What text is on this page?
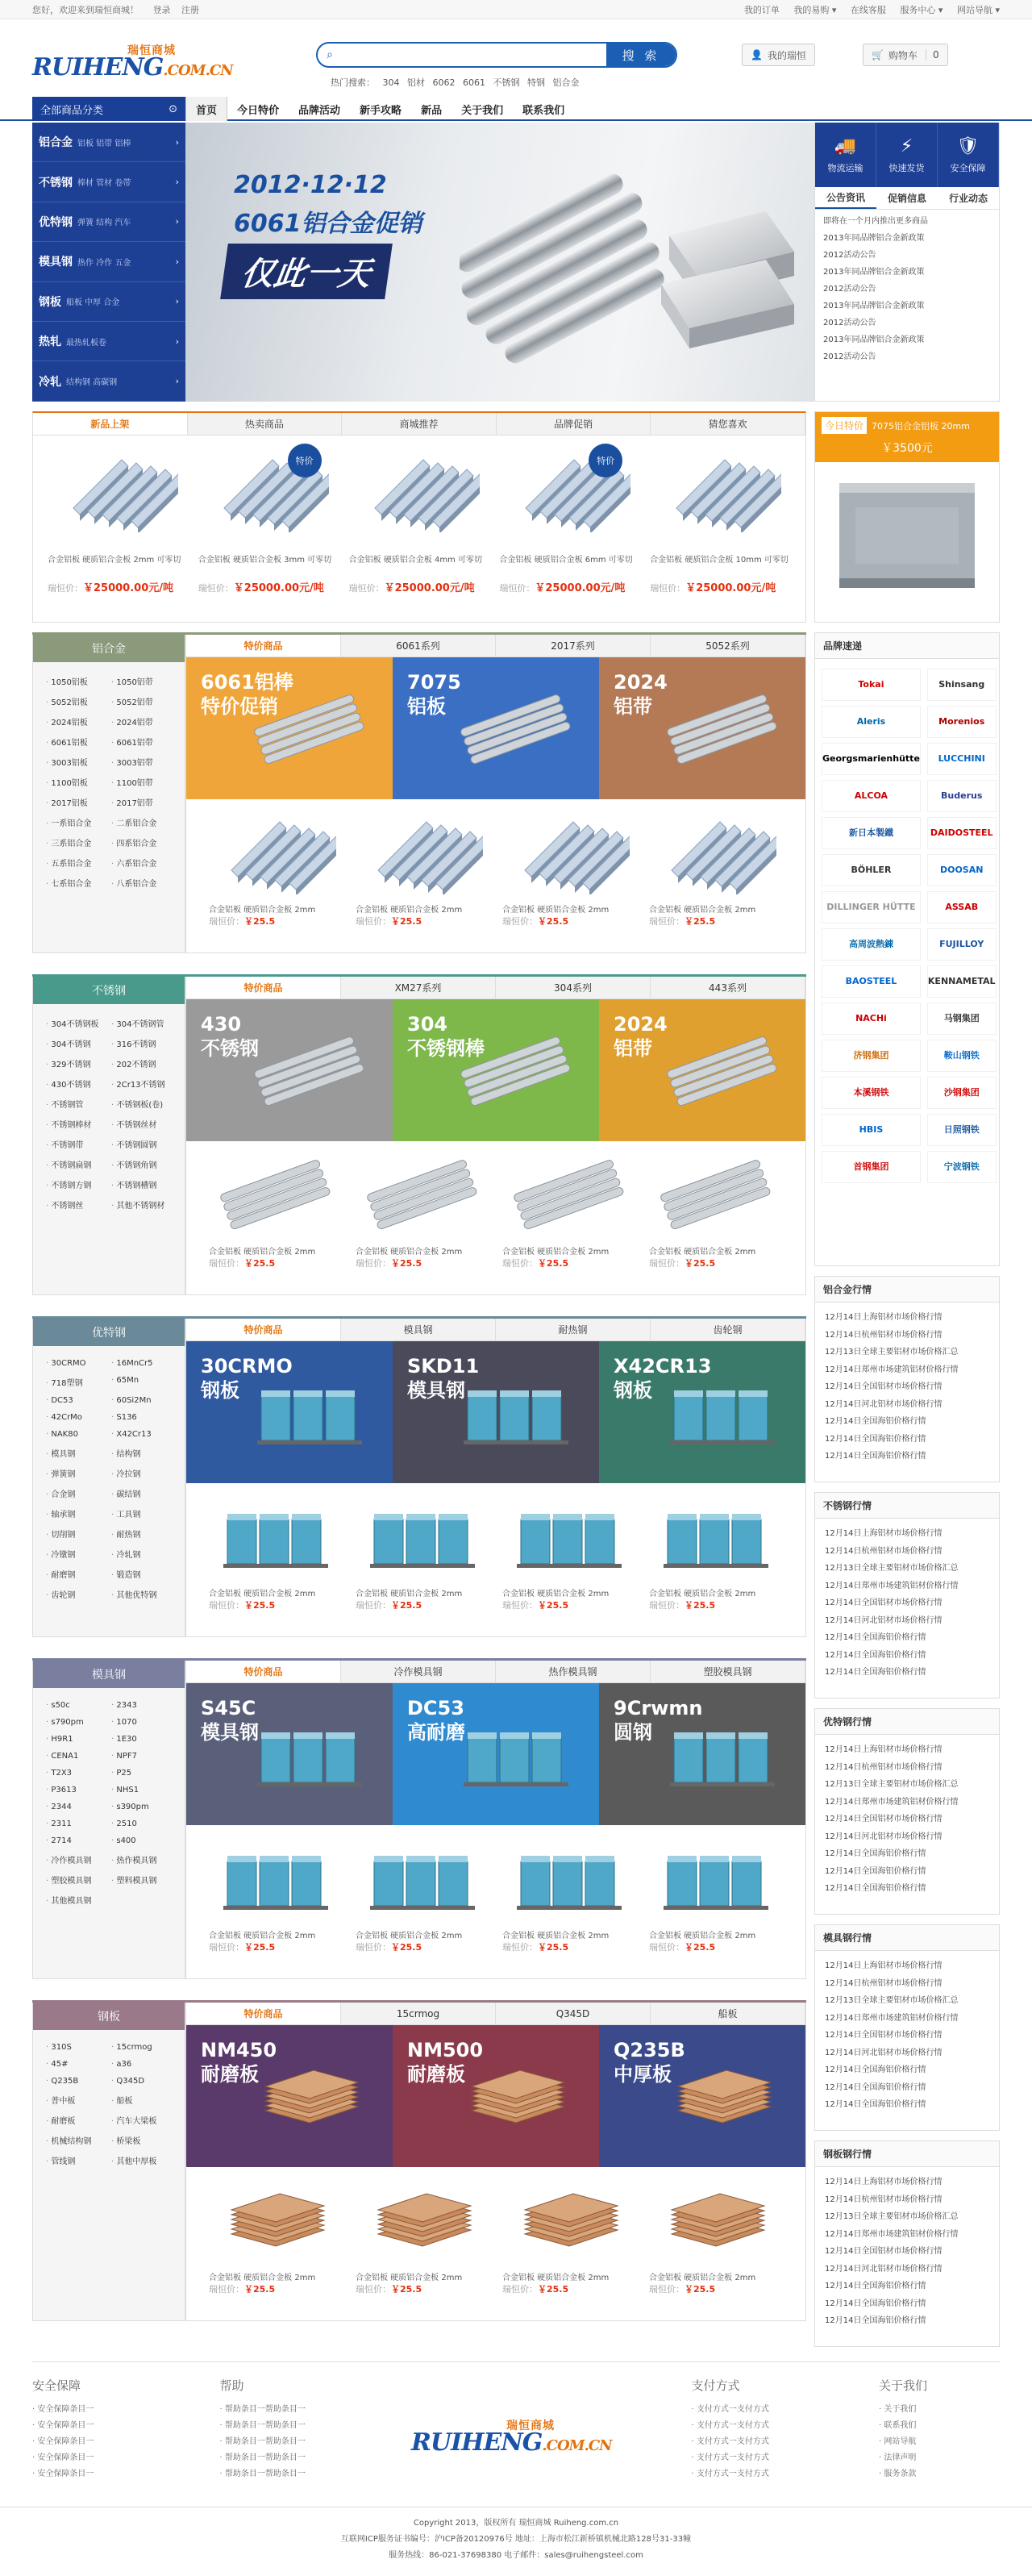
您好，欢迎来到瑞恒商城！ 登录 注册	我的订单 我的易购 ▾ 在线客服 服务中心 ▾ 网站导航 ▾
瑞恒商城
RUIHENG.COM.CN
⌕	搜 索
热门搜索： 304 铝材 6062 6061 不锈钢 特钢 铝合金
👤 我的瑞恒	🛒 购物车	0
全部商品分类	⊙	首页	今日特价	品牌活动	新手攻略	新品	关于我们	联系我们
铝合金 铝板 铝带 铝棒	›
不锈钢 棒材 管材 卷带	›
优特钢 弹簧 结构 汽车	›
模具钢 热作 冷作 五金	›
钢板 船板 中厚 合金	›
热轧 最热轧板卷	›
冷轧 结构钢 高碳钢	›
2012·12·12
6061铝合金促销
仅此一天
🚚
物流运输
⚡
快速发货
🛡
安全保障
公告资讯	促销信息	行业动态
即将在一个月内推出更多商品
2013年同品牌铝合金新政策
2012活动公告
2013年同品牌铝合金新政策
2012活动公告
2013年同品牌铝合金新政策
2012活动公告
2013年同品牌铝合金新政策
2012活动公告
新品上架	热卖商品	商城推荐	品牌促销	猜您喜欢
合金铝板 硬质铝合金板 2mm 可零切
瑞恒价：￥25000.00元/吨
特价
合金铝板 硬质铝合金板 3mm 可零切
瑞恒价：￥25000.00元/吨
合金铝板 硬质铝合金板 4mm 可零切
瑞恒价：￥25000.00元/吨
特价
合金铝板 硬质铝合金板 6mm 可零切
瑞恒价：￥25000.00元/吨
合金铝板 硬质铝合金板 10mm 可零切
瑞恒价：￥25000.00元/吨
今日特价 7075铝合金铝板 20mm
￥3500元
铝合金
· 1050铝板	· 1050铝带
· 5052铝板	· 5052铝带
· 2024铝板	· 2024铝带
· 6061铝板	· 6061铝带
· 3003铝板	· 3003铝带
· 1100铝板	· 1100铝带
· 2017铝板	· 2017铝带
· 一系铝合金	· 二系铝合金
· 三系铝合金	· 四系铝合金
· 五系铝合金	· 六系铝合金
· 七系铝合金	· 八系铝合金
特价商品	6061系列	2017系列	5052系列
6061铝棒
特价促销
7075
铝板
2024
铝带
合金铝板 硬质铝合金板 2mm
瑞恒价：￥25.5
合金铝板 硬质铝合金板 2mm
瑞恒价：￥25.5
合金铝板 硬质铝合金板 2mm
瑞恒价：￥25.5
合金铝板 硬质铝合金板 2mm
瑞恒价：￥25.5
不锈钢
· 304不锈钢板	· 304不锈钢管
· 304不锈钢	· 316不锈钢
· 329不锈钢	· 202不锈钢
· 430不锈钢	· 2Cr13不锈钢
· 不锈钢管	· 不锈钢板(卷)
· 不锈钢棒材	· 不锈钢丝材
· 不锈钢带	· 不锈钢圆钢
· 不锈钢扁钢	· 不锈钢角钢
· 不锈钢方钢	· 不锈钢槽钢
· 不锈钢丝	· 其他不锈钢材
特价商品	XM27系列	304系列	443系列
430
不锈钢
304
不锈钢棒
2024
铝带
合金铝板 硬质铝合金板 2mm
瑞恒价：￥25.5
合金铝板 硬质铝合金板 2mm
瑞恒价：￥25.5
合金铝板 硬质铝合金板 2mm
瑞恒价：￥25.5
合金铝板 硬质铝合金板 2mm
瑞恒价：￥25.5
优特钢
· 30CRMO	· 16MnCr5
· 718塑钢	· 65Mn
· DC53	· 60Si2Mn
· 42CrMo	· S136
· NAK80	· X42Cr13
· 模具钢	· 结构钢
· 弹簧钢	· 冷拉钢
· 合金钢	· 碳结钢
· 轴承钢	· 工具钢
· 切削钢	· 耐热钢
· 冷镦钢	· 冷轧钢
· 耐磨钢	· 锻造钢
· 齿轮钢	· 其他优特钢
特价商品	模具钢	耐热钢	齿轮钢
30CRMO
钢板
SKD11
模具钢
X42CR13
钢板
合金铝板 硬质铝合金板 2mm
瑞恒价：￥25.5
合金铝板 硬质铝合金板 2mm
瑞恒价：￥25.5
合金铝板 硬质铝合金板 2mm
瑞恒价：￥25.5
合金铝板 硬质铝合金板 2mm
瑞恒价：￥25.5
模具钢
· s50c	· 2343
· s790pm	· 1070
· H9R1	· 1E30
· CENA1	· NPF7
· T2X3	· P25
· P3613	· NHS1
· 2344	· s390pm
· 2311	· 2510
· 2714	· s400
· 冷作模具钢	· 热作模具钢
· 塑胶模具钢	· 塑料模具钢
· 其他模具钢
特价商品	冷作模具钢	热作模具钢	塑胶模具钢
S45C
模具钢
DC53
高耐磨
9Crwmn
圆钢
合金铝板 硬质铝合金板 2mm
瑞恒价：￥25.5
合金铝板 硬质铝合金板 2mm
瑞恒价：￥25.5
合金铝板 硬质铝合金板 2mm
瑞恒价：￥25.5
合金铝板 硬质铝合金板 2mm
瑞恒价：￥25.5
钢板
· 310S	· 15crmog
· 45#	· a36
· Q235B	· Q345D
· 普中板	· 船板
· 耐磨板	· 汽车大梁板
· 机械结构钢	· 桥梁板
· 管线钢	· 其他中厚板
特价商品	15crmog	Q345D	船板
NM450
耐磨板
NM500
耐磨板
Q235B
中厚板
合金铝板 硬质铝合金板 2mm
瑞恒价：￥25.5
合金铝板 硬质铝合金板 2mm
瑞恒价：￥25.5
合金铝板 硬质铝合金板 2mm
瑞恒价：￥25.5
合金铝板 硬质铝合金板 2mm
瑞恒价：￥25.5
品牌速递
Tokai	Shinsang
Aleris	Morenios
Georgsmarienhütte	LUCCHINI
ALCOA	Buderus
新日本製鐵	DAIDOSTEEL
BÖHLER	DOOSAN
DILLINGER HÜTTE	ASSAB
高周波熱錬	FUJILLOY
BAOSTEEL	KENNAMETAL
NACHi	马钢集团
济钢集团	鞍山钢铁
本溪钢铁	沙钢集团
HBIS	日照钢铁
首钢集团	宁波钢铁
铝合金行情
12月14日上海铝材市场价格行情
12月14日杭州铝材市场价格行情
12月13日全球主要铝材市场价格汇总
12月14日郑州市场建筑铝材价格行情
12月14日全国铝材市场价格行情
12月14日河北铝材市场价格行情
12月14日全国海铝价格行情
12月14日全国海铝价格行情
12月14日全国海铝价格行情
不锈钢行情
12月14日上海铝材市场价格行情
12月14日杭州铝材市场价格行情
12月13日全球主要铝材市场价格汇总
12月14日郑州市场建筑铝材价格行情
12月14日全国铝材市场价格行情
12月14日河北铝材市场价格行情
12月14日全国海铝价格行情
12月14日全国海铝价格行情
12月14日全国海铝价格行情
优特钢行情
12月14日上海铝材市场价格行情
12月14日杭州铝材市场价格行情
12月13日全球主要铝材市场价格汇总
12月14日郑州市场建筑铝材价格行情
12月14日全国铝材市场价格行情
12月14日河北铝材市场价格行情
12月14日全国海铝价格行情
12月14日全国海铝价格行情
12月14日全国海铝价格行情
模具钢行情
12月14日上海铝材市场价格行情
12月14日杭州铝材市场价格行情
12月13日全球主要铝材市场价格汇总
12月14日郑州市场建筑铝材价格行情
12月14日全国铝材市场价格行情
12月14日河北铝材市场价格行情
12月14日全国海铝价格行情
12月14日全国海铝价格行情
12月14日全国海铝价格行情
钢板钢行情
12月14日上海铝材市场价格行情
12月14日杭州铝材市场价格行情
12月13日全球主要铝材市场价格汇总
12月14日郑州市场建筑铝材价格行情
12月14日全国铝材市场价格行情
12月14日河北铝材市场价格行情
12月14日全国海铝价格行情
12月14日全国海铝价格行情
12月14日全国海铝价格行情
安全保障
· 安全保障条目一
· 安全保障条目一
· 安全保障条目一
· 安全保障条目一
· 安全保障条目一
帮助
· 帮助条目一帮助条目一
· 帮助条目一帮助条目一
· 帮助条目一帮助条目一
· 帮助条目一帮助条目一
· 帮助条目一帮助条目一
支付方式
· 支付方式一支付方式
· 支付方式一支付方式
· 支付方式一支付方式
· 支付方式一支付方式
· 支付方式一支付方式
关于我们
· 关于我们
· 联系我们
· 网站导航
· 法律声明
· 服务条款
瑞恒商城
RUIHENG.COM.CN
Copyright 2013，版权所有 瑞恒商城 Ruiheng.com.cn
互联网ICP服务证书编号：沪ICP备20120976号 地址：上海市松江新桥镇机械北路128号31-33幢
服务热线：86-021-37698380 电子邮件：sales@ruihengsteel.com
